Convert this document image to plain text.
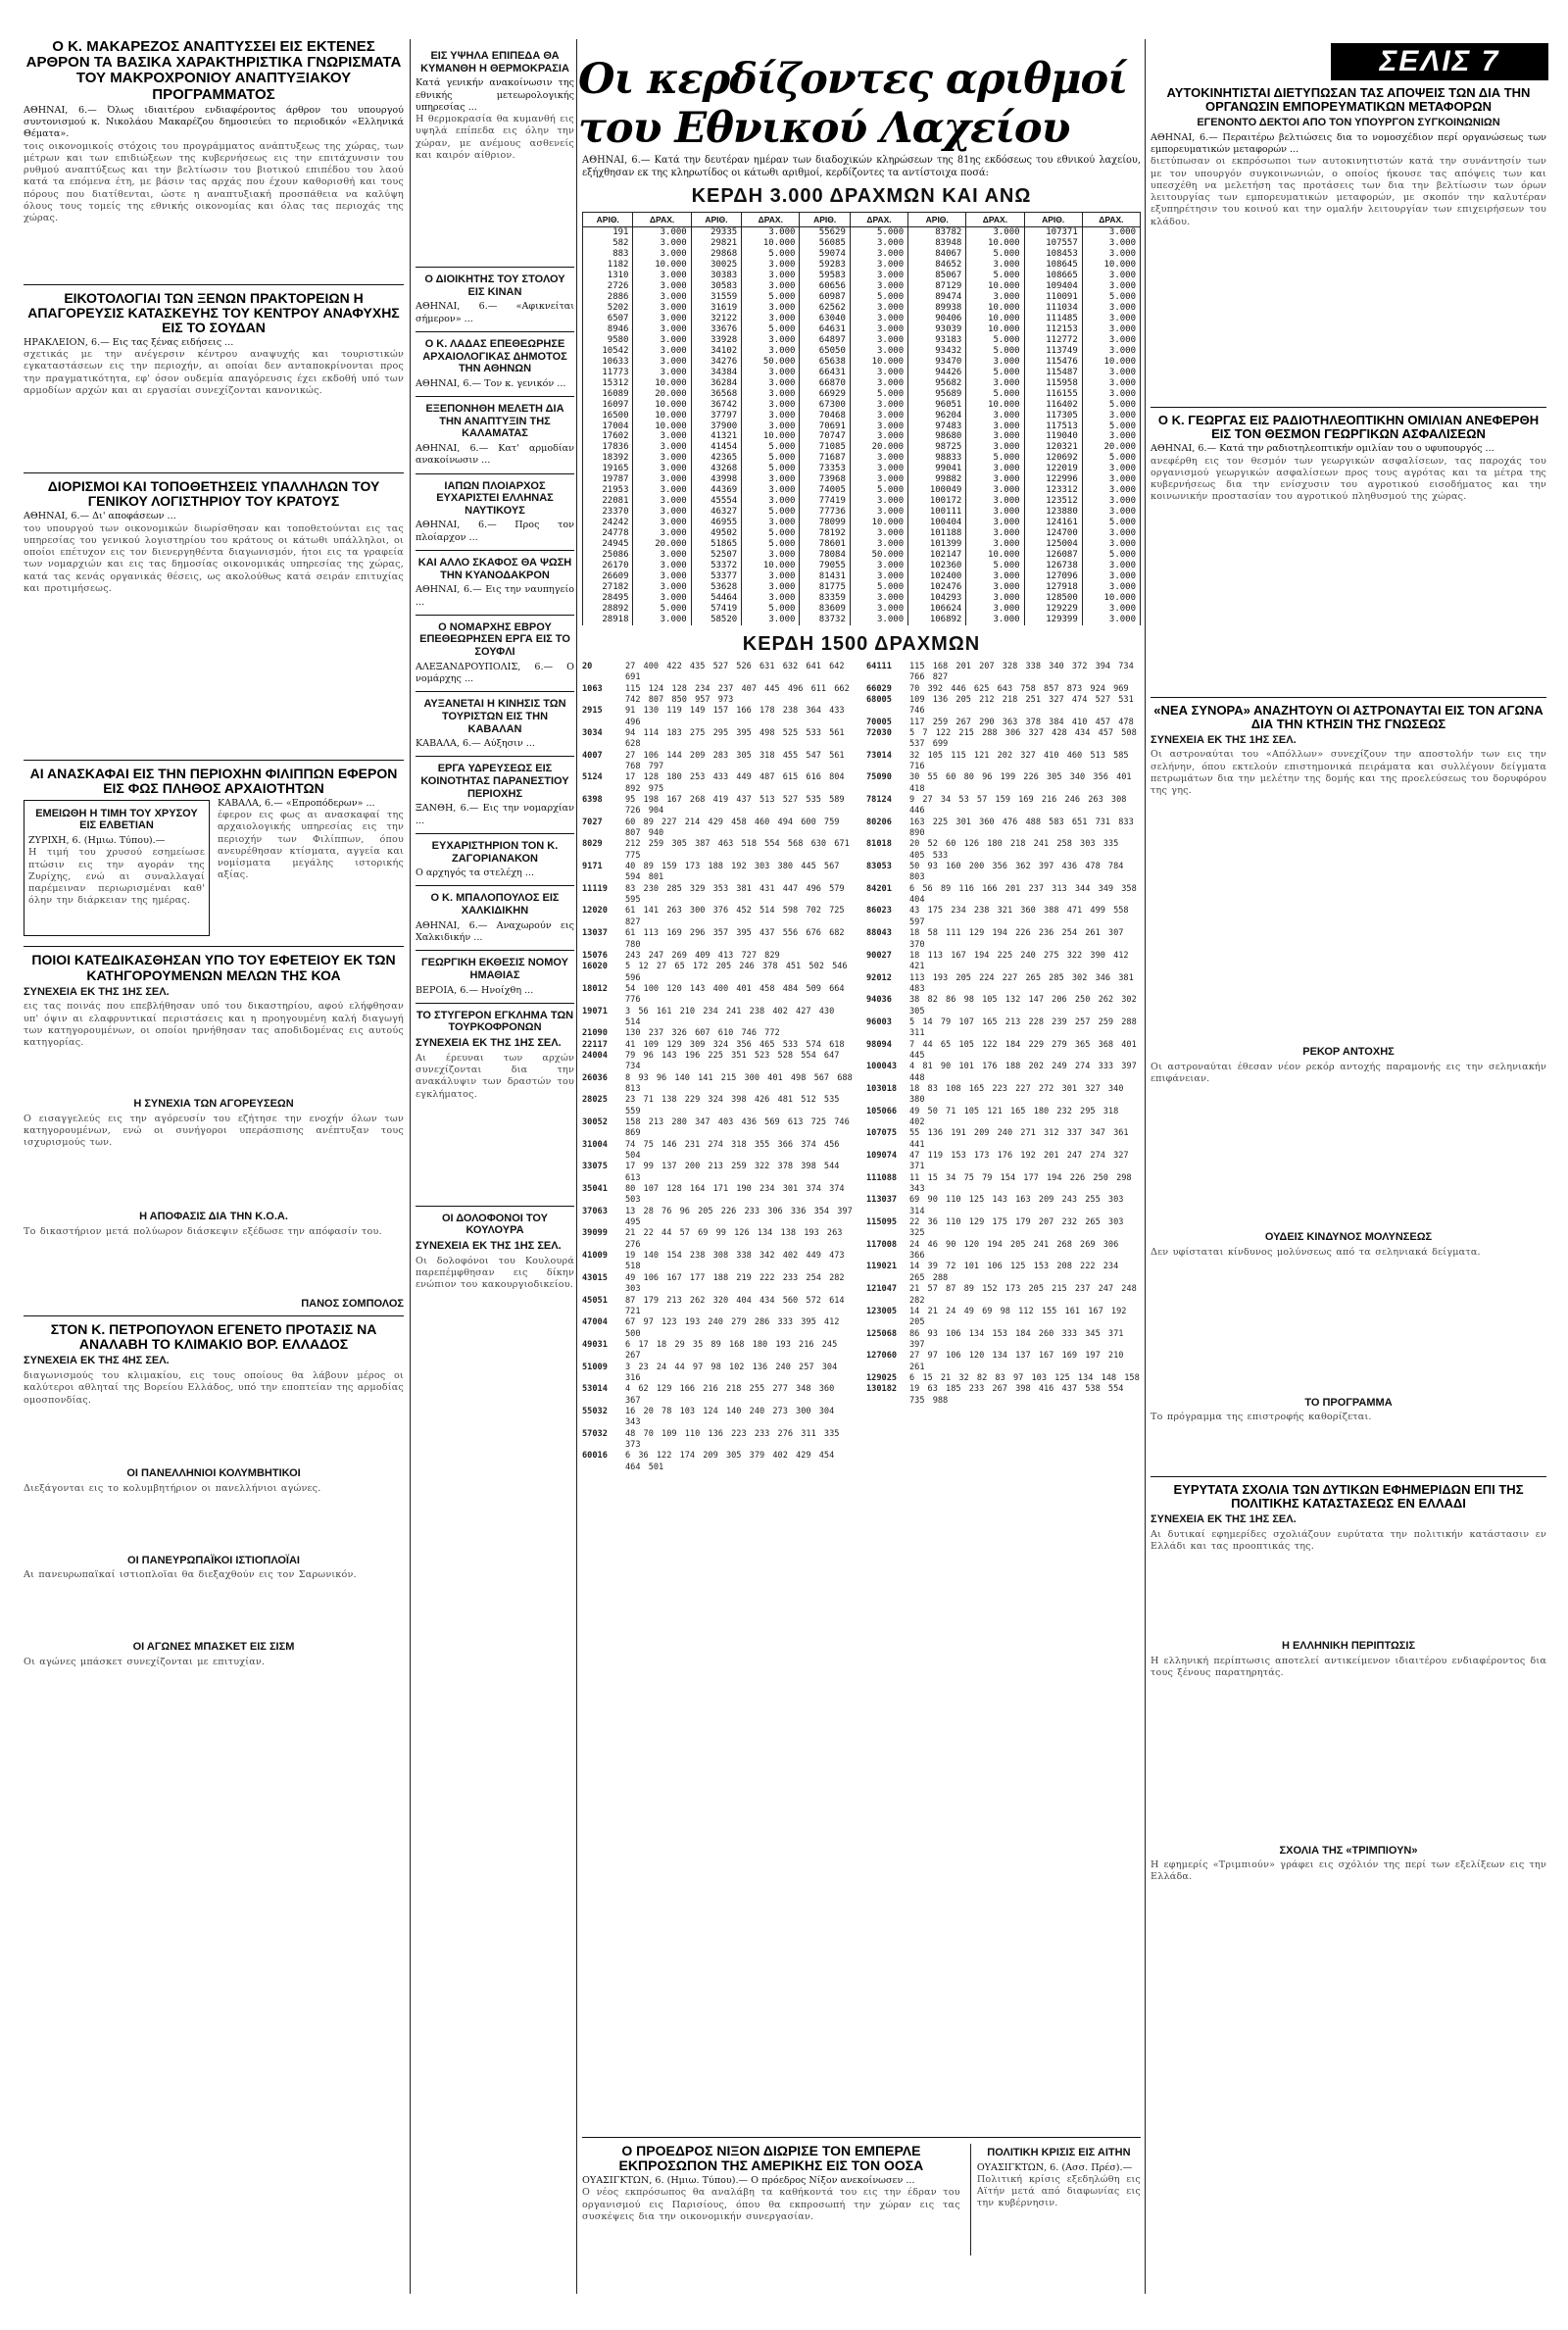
Ο Κ. ΜΑΚΑΡΕΖΟΣ ΑΝΑΠΤΥΣΣΕΙ ΕΙΣ ΕΚΤΕΝΕΣ ΑΡΘΡΟΝ ΤΑ ΒΑΣΙΚΑ ΧΑΡΑΚΤΗΡΙΣΤΙΚΑ ΓΝΩΡΙΣΜΑΤΑ ΤΟΥ ΜΑΚΡΟΧΡΟΝΙΟΥ ΑΝΑΠΤΥΞΙΑΚΟΥ ΠΡΟΓΡΑΜΜΑΤΟΣ

ΑΘΗΝΑΙ, 6.— Όλως ιδιαιτέρου ενδιαφέροντος άρθρον του υπουργού συντονισμού κ. Νικολάου Μακαρέζου δημοσιεύει το περιοδικόν «Ελληνικά Θέματα».

τοις οικονομικοίς στόχοις του προγράμματος ανάπτυξεως της χώρας, των μέτρων και των επιδιώξεων της κυβερνήσεως εις την επιτάχυνσιν του ρυθμού αναπτύξεως και την βελτίωσιν του βιοτικού επιπέδου του λαού κατά τα επόμενα έτη, με βάσιν τας αρχάς που έχουν καθορισθή και τους πόρους που διατίθενται, ώστε η αναπτυξιακή προσπάθεια να καλύψη όλους τους τομείς της εθνικής οικονομίας και όλας τας περιοχάς της χώρας.
ΕΙΚΟΤΟΛΟΓΙΑΙ ΤΩΝ ΞΕΝΩΝ ΠΡΑΚΤΟΡΕΙΩΝ Η ΑΠΑΓΟΡΕΥΣΙΣ ΚΑΤΑΣΚΕΥΗΣ ΤΟΥ ΚΕΝΤΡΟΥ ΑΝΑΦΥΧΗΣ ΕΙΣ ΤΟ ΣΟΥΔΑΝ

ΗΡΑΚΛΕΙΟΝ, 6.— Εις τας ξένας ειδήσεις ...

σχετικάς με την ανέγερσιν κέντρου αναψυχής και τουριστικών εγκαταστάσεων εις την περιοχήν, αι οποίαι δεν ανταποκρίνονται προς την πραγματικότητα, εφ' όσον ουδεμία απαγόρευσις έχει εκδοθή υπό των αρμοδίων αρχών και αι εργασίαι συνεχίζονται κανονικώς.
ΔΙΟΡΙΣΜΟΙ ΚΑΙ ΤΟΠΟΘΕΤΗΣΕΙΣ ΥΠΑΛΛΗΛΩΝ ΤΟΥ ΓΕΝΙΚΟΥ ΛΟΓΙΣΤΗΡΙΟΥ ΤΟΥ ΚΡΑΤΟΥΣ

ΑΘΗΝΑΙ, 6.— Δι' αποφάσεων ...

του υπουργού των οικονομικών διωρίσθησαν και τοποθετούνται εις τας υπηρεσίας του γενικού λογιστηρίου του κράτους οι κάτωθι υπάλληλοι, οι οποίοι επέτυχον εις τον διενεργηθέντα διαγωνισμόν, ήτοι εις τα γραφεία των νομαρχιών και εις τας δημοσίας οικονομικάς υπηρεσίας της χώρας, κατά τας κενάς οργανικάς θέσεις, ως ακολούθως κατά σειράν επιτυχίας και προτιμήσεως.
ΑΙ ΑΝΑΣΚΑΦΑΙ ΕΙΣ ΤΗΝ ΠΕΡΙΟΧΗΝ ΦΙΛΙΠΠΩΝ ΕΦΕΡΟΝ ΕΙΣ ΦΩΣ ΠΛΗΘΟΣ ΑΡΧΑΙΟΤΗΤΩΝ
ΕΜΕΙΩΘΗ Η ΤΙΜΗ ΤΟΥ ΧΡΥΣΟΥ ΕΙΣ ΕΛΒΕΤΙΑΝ

ΖΥΡΙΧΗ, 6. (Ημιω. Τύπου).—

Η τιμή του χρυσού εσημείωσε πτώσιν εις την αγοράν της Ζυρίχης, ενώ αι συναλλαγαί παρέμειναν περιωρισμέναι καθ' όλην την διάρκειαν της ημέρας.

ΚΑΒΑΛΑ, 6.— «Επροπόδερων» ...

έφερον εις φως αι ανασκαφαί της αρχαιολογικής υπηρεσίας εις την περιοχήν των Φιλίππων, όπου ανευρέθησαν κτίσματα, αγγεία και νομίσματα μεγάλης ιστορικής αξίας.
ΠΟΙΟΙ ΚΑΤΕΔΙΚΑΣΘΗΣΑΝ ΥΠΟ ΤΟΥ ΕΦΕΤΕΙΟΥ ΕΚ ΤΩΝ ΚΑΤΗΓΟΡΟΥΜΕΝΩΝ ΜΕΛΩΝ ΤΗΣ ΚΟΑ
ΣΥΝΕΧΕΙΑ ΕΚ ΤΗΣ 1ΗΣ ΣΕΛ.
εις τας ποινάς που επεβλήθησαν υπό του δικαστηρίου, αφού ελήφθησαν υπ' όψιν αι ελαφρυντικαί περιστάσεις και η προηγουμένη καλή διαγωγή των κατηγορουμένων, οι οποίοι ηρνήθησαν τας αποδιδομένας εις αυτούς κατηγορίας.
Η ΣΥΝΕΧΙΑ ΤΩΝ ΑΓΟΡΕΥΣΕΩΝ
Ο εισαγγελεύς εις την αγόρευσίν του εζήτησε την ενοχήν όλων των κατηγορουμένων, ενώ οι συνήγοροι υπεράσπισης ανέπτυξαν τους ισχυρισμούς των.
Η ΑΠΟΦΑΣΙΣ ΔΙΑ ΤΗΝ Κ.Ο.Α.
Το δικαστήριον μετά πολύωρον διάσκεψιν εξέδωσε την απόφασίν του.
ΠΑΝΟΣ ΣΟΜΠΟΛΟΣ
ΣΤΟΝ Κ. ΠΕΤΡΟΠΟΥΛΟΝ ΕΓΕΝΕΤΟ ΠΡΟΤΑΣΙΣ ΝΑ ΑΝΑΛΑΒΗ ΤΟ ΚΛΙΜΑΚΙΟ ΒΟΡ. ΕΛΛΑΔΟΣ
ΣΥΝΕΧΕΙΑ ΕΚ ΤΗΣ 4ΗΣ ΣΕΛ.
διαγωνισμούς του κλιμακίου, εις τους οποίους θα λάβουν μέρος οι καλύτεροι αθληταί της Βορείου Ελλάδος, υπό την εποπτείαν της αρμοδίας ομοσπονδίας.
ΟΙ ΠΑΝΕΛΛΗΝΙΟΙ ΚΟΛΥΜΒΗΤΙΚΟΙ
Διεξάγονται εις το κολυμβητήριον οι πανελλήνιοι αγώνες.
ΟΙ ΠΑΝΕΥΡΩΠΑΪΚΟΙ ΙΣΤΙΟΠΛΟΪΑΙ
Αι πανευρωπαϊκαί ιστιοπλοΐαι θα διεξαχθούν εις τον Σαρωνικόν.
ΟΙ ΑΓΩΝΕΣ ΜΠΑΣΚΕΤ ΕΙΣ ΣΙΣΜ
Οι αγώνες μπάσκετ συνεχίζονται με επιτυχίαν.
ΕΙΣ ΥΨΗΛΑ ΕΠΙΠΕΔΑ ΘΑ ΚΥΜΑΝΘΗ Η ΘΕΡΜΟΚΡΑΣΙΑ

Κατά γενικήν ανακοίνωσιν της εθνικής μετεωρολογικής υπηρεσίας ...

Η θερμοκρασία θα κυμανθή εις υψηλά επίπεδα εις όλην την χώραν, με ανέμους ασθενείς και καιρόν αίθριον.
Ο ΔΙΟΙΚΗΤΗΣ ΤΟΥ ΣΤΟΛΟΥ ΕΙΣ ΚΙΝΑΝ

ΑΘΗΝΑΙ, 6.— «Αφικνείται σήμερον» ...

Ο Κ. ΛΑΔΑΣ ΕΠΕΘΕΩΡΗΣΕ ΑΡΧΑΙΟΛΟΓΙΚΑΣ ΔΗΜΟΤΟΣ ΤΗΝ ΑΘΗΝΩΝ

ΑΘΗΝΑΙ, 6.— Τον κ. γενικόν ...

ΕΞΕΠΟΝΗΘΗ ΜΕΛΕΤΗ ΔΙΑ ΤΗΝ ΑΝΑΠΤΥΞΙΝ ΤΗΣ ΚΑΛΑΜΑΤΑΣ

ΑΘΗΝΑΙ, 6.— Κατ' αρμοδίαν ανακοίνωσιν ...

ΙΑΠΩΝ ΠΛΟΙΑΡΧΟΣ ΕΥΧΑΡΙΣΤΕΙ ΕΛΛΗΝΑΣ ΝΑΥΤΙΚΟΥΣ

ΑΘΗΝΑΙ, 6.— Προς τον πλοίαρχον ...

ΚΑΙ ΑΛΛΟ ΣΚΑΦΟΣ ΘΑ ΨΩΣΗ ΤΗΝ ΚΥΑΝΟΔΑΚΡΟΝ

ΑΘΗΝΑΙ, 6.— Εις την ναυπηγείο ...

Ο ΝΟΜΑΡΧΗΣ ΕΒΡΟΥ ΕΠΕΘΕΩΡΗΣΕΝ ΕΡΓΑ ΕΙΣ ΤΟ ΣΟΥΦΛΙ

ΑΛΕΞΑΝΔΡΟΥΠΟΛΙΣ, 6.— Ο νομάρχης ...

ΑΥΞΑΝΕΤΑΙ Η ΚΙΝΗΣΙΣ ΤΩΝ ΤΟΥΡΙΣΤΩΝ ΕΙΣ ΤΗΝ ΚΑΒΑΛΑΝ

ΚΑΒΑΛΑ, 6.— Αύξησιν ...

ΕΡΓΑ ΥΔΡΕΥΣΕΩΣ ΕΙΣ ΚΟΙΝΟΤΗΤΑΣ ΠΑΡΑΝΕΣΤΙΟΥ ΠΕΡΙΟΧΗΣ

ΞΑΝΘΗ, 6.— Εις την νομαρχίαν ...

ΕΥΧΑΡΙΣΤΗΡΙΟΝ ΤΟΝ Κ. ΖΑΓΟΡΙΑΝΑΚΟΝ

Ο αρχηγός τα στελέχη ...

Ο Κ. ΜΠΑΛΟΠΟΥΛΟΣ ΕΙΣ ΧΑΛΚΙΔΙΚΗΝ

ΑΘΗΝΑΙ, 6.— Αναχωρούν εις Χαλκιδικήν ...

ΓΕΩΡΓΙΚΗ ΕΚΘΕΣΙΣ ΝΟΜΟΥ ΗΜΑΘΙΑΣ

ΒΕΡΟΙΑ, 6.— Ηνοίχθη ...

ΤΟ ΣΤΥΓΕΡΟΝ ΕΓΚΛΗΜΑ ΤΩΝ ΤΟΥΡΚΟΦΡΟΝΩΝ
ΣΥΝΕΧΕΙΑ ΕΚ ΤΗΣ 1ΗΣ ΣΕΛ.
Αι έρευναι των αρχών συνεχίζονται δια την ανακάλυψιν των δραστών του εγκλήματος.
ΟΙ ΔΟΛΟΦΟΝΟΙ ΤΟΥ ΚΟΥΛΟΥΡΑ
ΣΥΝΕΧΕΙΑ ΕΚ ΤΗΣ 1ΗΣ ΣΕΛ.
Οι δολοφόνοι του Κουλουρά παρεπέμφθησαν εις δίκην ενώπιον του κακουργιοδικείου.
Οι κερδίζοντες αριθμοί του Εθνικού Λαχείου

ΑΘΗΝΑΙ, 6.— Κατά την δευτέραν ημέραν των διαδοχικών κληρώσεων της 81ης εκδόσεως του εθνικού λαχείου, εξήχθησαν εκ της κληρωτίδος οι κάτωθι αριθμοί, κερδίζοντες τα αντίστοιχα ποσά:

ΚΕΡΔΗ 3.000 ΔΡΑΧΜΩΝ ΚΑΙ ΑΝΩ
ΑΡΙΘ.	ΔΡΑΧ.	ΑΡΙΘ.	ΔΡΑΧ.	ΑΡΙΘ.	ΔΡΑΧ.	ΑΡΙΘ.	ΔΡΑΧ.	ΑΡΙΘ.	ΔΡΑΧ.
191	3.000	29335	3.000	55629	5.000	83782	3.000	107371	3.000
582	3.000	29821	10.000	56085	3.000	83948	10.000	107557	3.000
883	3.000	29868	5.000	59074	3.000	84067	5.000	108453	3.000
1182	10.000	30025	3.000	59283	3.000	84652	3.000	108645	10.000
1310	3.000	30383	3.000	59583	3.000	85067	5.000	108665	3.000
2726	3.000	30583	3.000	60656	3.000	87129	10.000	109404	3.000
2886	3.000	31559	5.000	60987	5.000	89474	3.000	110091	5.000
5202	3.000	31619	3.000	62562	3.000	89938	10.000	111034	3.000
6507	3.000	32122	3.000	63040	3.000	90406	10.000	111485	3.000
8946	3.000	33676	5.000	64631	3.000	93039	10.000	112153	3.000
9580	3.000	33928	3.000	64897	3.000	93183	5.000	112772	3.000
10542	3.000	34102	3.000	65050	3.000	93432	5.000	113749	3.000
10633	3.000	34276	50.000	65638	10.000	93470	3.000	115476	10.000
11773	3.000	34384	3.000	66431	3.000	94426	5.000	115487	3.000
15312	10.000	36284	3.000	66870	3.000	95682	3.000	115958	3.000
16089	20.000	36568	3.000	66929	5.000	95689	5.000	116155	3.000
16097	10.000	36742	3.000	67300	3.000	96051	10.000	116402	5.000
16500	10.000	37797	3.000	70468	3.000	96204	3.000	117305	3.000
17004	10.000	37900	3.000	70691	3.000	97483	3.000	117513	5.000
17602	3.000	41321	10.000	70747	3.000	98680	3.000	119040	3.000
17836	3.000	41454	5.000	71085	20.000	98725	3.000	120321	20.000
18392	3.000	42365	5.000	71687	3.000	98833	5.000	120692	5.000
19165	3.000	43268	5.000	73353	3.000	99041	3.000	122019	3.000
19787	3.000	43998	3.000	73968	3.000	99882	3.000	122996	3.000
21953	3.000	44369	3.000	74005	5.000	100049	3.000	123312	3.000
22081	3.000	45554	3.000	77419	3.000	100172	3.000	123512	3.000
23370	3.000	46327	5.000	77736	3.000	100111	3.000	123880	3.000
24242	3.000	46955	3.000	78099	10.000	100404	3.000	124161	5.000
24778	3.000	49502	5.000	78192	3.000	101188	3.000	124700	3.000
24945	20.000	51865	5.000	78601	3.000	101399	3.000	125004	3.000
25086	3.000	52507	3.000	78084	50.000	102147	10.000	126087	5.000
26170	3.000	53372	10.000	79055	3.000	102360	5.000	126738	3.000
26609	3.000	53377	3.000	81431	3.000	102400	3.000	127096	3.000
27182	3.000	53628	3.000	81775	5.000	102476	3.000	127918	3.000
28495	3.000	54464	3.000	83359	3.000	104293	3.000	128500	10.000
28892	5.000	57419	5.000	83609	3.000	106624	3.000	129229	3.000
28918	3.000	58520	3.000	83732	3.000	106892	3.000	129399	3.000
ΚΕΡΔΗ 1500 ΔΡΑΧΜΩΝ
20	27 400 422 435 527 526 631 632 641 642 691
1063	115 124 128 234 237 407 445 496 611 662 742 807 850 957 973
2915	91 130 119 149 157 166 178 238 364 433 496
3034	94 114 183 275 295 395 498 525 533 561 628
4007	27 106 144 209 283 305 318 455 547 561 768 797
5124	17 128 180 253 433 449 487 615 616 804 892 975
6398	95 198 167 268 419 437 513 527 535 589 726 904
7027	60 89 227 214 429 458 460 494 600 759 807 940
8029	212 259 305 387 463 518 554 568 630 671 775
9171	40 89 159 173 188 192 303 380 445 567 594 801
11119	83 230 285 329 353 381 431 447 496 579 595
12020	61 141 263 300 376 452 514 598 702 725 827
13037	61 113 169 296 357 395 437 556 676 682 780
15076	243 247 269 409 413 727 829
16020	5 12 27 65 172 205 246 378 451 502 546 596
18012	54 100 120 143 400 401 458 484 509 664 776
19071	3 56 161 210 234 241 238 402 427 430 514
21090	130 237 326 607 610 746 772
22117	41 109 129 309 324 356 465 533 574 618
24004	79 96 143 196 225 351 523 528 554 647 734
26036	8 93 96 140 141 215 300 401 498 567 688 813
28025	23 71 138 229 324 398 426 481 512 535 559
30052	158 213 280 347 403 436 569 613 725 746 869
31004	74 75 146 231 274 318 355 366 374 456 504
33075	17 99 137 200 213 259 322 378 398 544 613
35041	80 107 128 164 171 190 234 301 374 374 503
37063	13 28 76 96 205 226 233 306 336 354 397 495
39099	21 22 44 57 69 99 126 134 138 193 263 276
41009	19 140 154 238 308 338 342 402 449 473 518
43015	49 106 167 177 188 219 222 233 254 282 303
45051	87 179 213 262 320 404 434 560 572 614 721
47004	67 97 123 193 240 279 286 333 395 412 500
49031	6 17 18 29 35 89 168 180 193 216 245 267
51009	3 23 24 44 97 98 102 136 240 257 304 316
53014	4 62 129 166 216 218 255 277 348 360 367
55032	16 20 78 103 124 140 240 273 300 304 343
57032	48 70 109 110 136 223 233 276 311 335 373
60016	6 36 122 174 209 305 379 402 429 454 464 501
64111	115 168 201 207 328 338 340 372 394 734 766 827
66029	70 392 446 625 643 758 857 873 924 969
68005	109 136 205 212 218 251 327 474 527 531 746
70005	117 259 267 290 363 378 384 410 457 478
72030	5 7 122 215 288 306 327 428 434 457 508 537 699
73014	32 105 115 121 202 327 410 460 513 585 716
75090	30 55 60 80 96 199 226 305 340 356 401 418
78124	9 27 34 53 57 159 169 216 246 263 308 446
80206	163 225 301 360 476 488 583 651 731 833 890
81018	20 52 60 126 180 218 241 258 303 335 405 533
83053	50 93 160 200 356 362 397 436 478 784 803
84201	6 56 89 116 166 201 237 313 344 349 358 404
86023	43 175 234 238 321 360 388 471 499 558 597
88043	18 58 111 129 194 226 236 254 261 307 370
90027	18 113 167 194 225 240 275 322 390 412 421
92012	113 193 205 224 227 265 285 302 346 381 483
94036	38 82 86 98 105 132 147 206 250 262 302 305
96003	5 14 79 107 165 213 228 239 257 259 288 311
98094	7 44 65 105 122 184 229 279 365 368 401 445
100043	4 81 90 101 176 188 202 249 274 333 397 448
103018	18 83 108 165 223 227 272 301 327 340 380
105066	49 50 71 105 121 165 180 232 295 318 402
107075	55 136 191 209 240 271 312 337 347 361 441
109074	47 119 153 173 176 192 201 247 274 327 371
111088	11 15 34 75 79 154 177 194 226 250 298 343
113037	69 90 110 125 143 163 209 243 255 303 314
115095	22 36 110 129 175 179 207 232 265 303 325
117008	24 46 90 120 194 205 241 268 269 306 366
119021	14 39 72 101 106 125 153 208 222 234 265 288
121047	21 57 87 89 152 173 205 215 237 247 248 282
123005	14 21 24 49 69 98 112 155 161 167 192 205
125068	86 93 106 134 153 184 260 333 345 371 397
127060	27 97 106 120 134 137 167 169 197 210 261
129025	6 15 21 32 82 83 97 103 125 134 148 158
130182	19 63 185 233 267 398 416 437 538 554 735 988
Ο ΠΡΟΕΔΡΟΣ ΝΙΞΟΝ ΔΙΩΡΙΣΕ ΤΟΝ ΕΜΠΕΡΛΕ ΕΚΠΡΟΣΩΠΟΝ ΤΗΣ ΑΜΕΡΙΚΗΣ ΕΙΣ ΤΟΝ ΟΟΣΑ

ΟΥΑΣΙΓΚΤΩΝ, 6. (Ημιω. Τύπου).— Ο πρόεδρος Νίξον ανεκοίνωσεν ...

Ο νέος εκπρόσωπος θα αναλάβη τα καθήκοντά του εις την έδραν του οργανισμού εις Παρισίους, όπου θα εκπροσωπή την χώραν εις τας συσκέψεις δια την οικονομικήν συνεργασίαν.
ΠΟΛΙΤΙΚΗ ΚΡΙΣΙΣ ΕΙΣ ΑΙΤΗΝ

ΟΥΑΣΙΓΚΤΩΝ, 6. (Ασσ. Πρέσ).—

Πολιτική κρίσις εξεδηλώθη εις Αϊτήν μετά από διαφωνίας εις την κυβέρνησιν.
ΣΕΛΙΣ 7
ΑΥΤΟΚΙΝΗΤΙΣΤΑΙ ΔΙΕΤΥΠΩΣΑΝ ΤΑΣ ΑΠΟΨΕΙΣ ΤΩΝ ΔΙΑ ΤΗΝ ΟΡΓΑΝΩΣΙΝ ΕΜΠΟΡΕΥΜΑΤΙΚΩΝ ΜΕΤΑΦΟΡΩΝ
ΕΓΕΝΟΝΤΟ ΔΕΚΤΟΙ ΑΠΟ ΤΟΝ ΥΠΟΥΡΓΟΝ ΣΥΓΚΟΙΝΩΝΙΩΝ

ΑΘΗΝΑΙ, 6.— Περαιτέρω βελτιώσεις δια το νομοσχέδιον περί οργανώσεως των εμπορευματικών μεταφορών ...

διετύπωσαν οι εκπρόσωποι των αυτοκινητιστών κατά την συνάντησίν των με τον υπουργόν συγκοινωνιών, ο οποίος ήκουσε τας απόψεις των και υπεσχέθη να μελετήση τας προτάσεις των δια την βελτίωσιν των όρων λειτουργίας των εμπορευματικών μεταφορών, με σκοπόν την καλυτέραν εξυπηρέτησιν του κοινού και την ομαλήν λειτουργίαν των επιχειρήσεων του κλάδου.
Ο Κ. ΓΕΩΡΓΑΣ ΕΙΣ ΡΑΔΙΟΤΗΛΕΟΠΤΙΚΗΝ ΟΜΙΛΙΑΝ ΑΝΕΦΕΡΘΗ ΕΙΣ ΤΟΝ ΘΕΣΜΟΝ ΓΕΩΡΓΙΚΩΝ ΑΣΦΑΛΙΣΕΩΝ

ΑΘΗΝΑΙ, 6.— Κατά την ραδιοτηλεοπτικήν ομιλίαν του ο υφυπουργός ...

ανεφέρθη εις τον θεσμόν των γεωργικών ασφαλίσεων, τας παροχάς του οργανισμού γεωργικών ασφαλίσεων προς τους αγρότας και τα μέτρα της κυβερνήσεως δια την ενίσχυσιν του αγροτικού εισοδήματος και την κοινωνικήν προστασίαν του αγροτικού πληθυσμού της χώρας.
«ΝΕΑ ΣΥΝΟΡΑ» ΑΝΑΖΗΤΟΥΝ ΟΙ ΑΣΤΡΟΝΑΥΤΑΙ ΕΙΣ ΤΟΝ ΑΓΩΝΑ ΔΙΑ ΤΗΝ ΚΤΗΣΙΝ ΤΗΣ ΓΝΩΣΕΩΣ
ΣΥΝΕΧΕΙΑ ΕΚ ΤΗΣ 1ΗΣ ΣΕΛ.
Οι αστροναύται του «Απόλλων» συνεχίζουν την αποστολήν των εις την σελήνην, όπου εκτελούν επιστημονικά πειράματα και συλλέγουν δείγματα πετρωμάτων δια την μελέτην της δομής και της προελεύσεως του δορυφόρου της γης.
ΡΕΚΟΡ ΑΝΤΟΧΗΣ
Οι αστροναύται έθεσαν νέον ρεκόρ αντοχής παραμονής εις την σεληνιακήν επιφάνειαν.
ΟΥΔΕΙΣ ΚΙΝΔΥΝΟΣ ΜΟΛΥΝΣΕΩΣ
Δεν υφίσταται κίνδυνος μολύνσεως από τα σεληνιακά δείγματα.
ΤΟ ΠΡΟΓΡΑΜΜΑ
Το πρόγραμμα της επιστροφής καθορίζεται.
ΕΥΡΥΤΑΤΑ ΣΧΟΛΙΑ ΤΩΝ ΔΥΤΙΚΩΝ ΕΦΗΜΕΡΙΔΩΝ ΕΠΙ ΤΗΣ ΠΟΛΙΤΙΚΗΣ ΚΑΤΑΣΤΑΣΕΩΣ ΕΝ ΕΛΛΑΔΙ
ΣΥΝΕΧΕΙΑ ΕΚ ΤΗΣ 1ΗΣ ΣΕΛ.
Αι δυτικαί εφημερίδες σχολιάζουν ευρύτατα την πολιτικήν κατάστασιν εν Ελλάδι και τας προοπτικάς της.
Η ΕΛΛΗΝΙΚΗ ΠΕΡΙΠΤΩΣΙΣ
Η ελληνική περίπτωσις αποτελεί αντικείμενον ιδιαιτέρου ενδιαφέροντος δια τους ξένους παρατηρητάς.
ΣΧΟΛΙΑ ΤΗΣ «ΤΡΙΜΠΙΟΥΝ»
Η εφημερίς «Τριμπιούν» γράφει εις σχόλιόν της περί των εξελίξεων εις την Ελλάδα.
